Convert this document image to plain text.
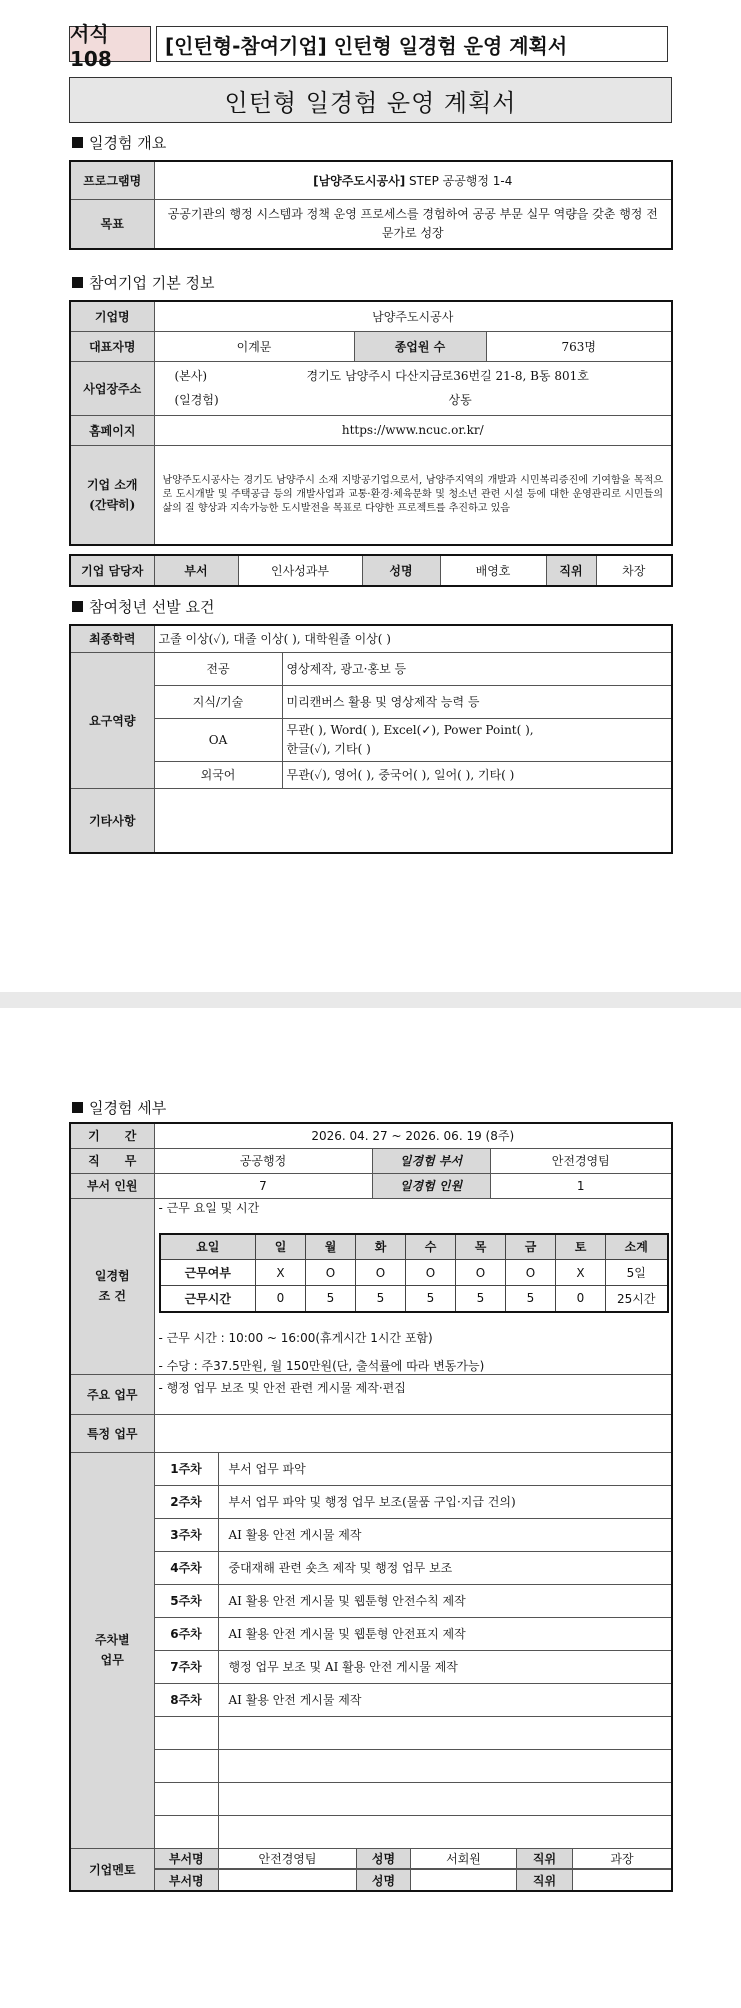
서식 108
[인턴형-참여기업] 인턴형 일경험 운영 계획서
인턴형 일경험 운영 계획서
일경험 개요
프로그램명	[남양주도시공사] STEP 공공행정 1-4
목표	공공기관의 행정 시스템과 정책 운영 프로세스를 경험하여 공공 부문 실무 역량을 갖춘 행정 전문가로 성장
참여기업 기본 정보
기업명	남양주도시공사		
대표자명	이계문	종업원 수	763명
사업장주소	(본사) 경기도 남양주시 다산지금로36번길 21-8, B동 801호
(일경험) 상동		

홈페이지	https://www.ncuc.or.kr/		
기업 소개
(간략히)	남양주도시공사는 경기도 남양주시 소재 지방공기업으로서, 남양주지역의 개발과 시민복리증진에 기여함을 목적으로 도시개발 및 주택공급 등의 개발사업과 교통·환경·체육문화 및 청소년 관련 시설 등에 대한 운영관리로 시민들의 삶의 질 향상과 지속가능한 도시발전을 목표로 다양한 프로젝트를 추진하고 있음		
기업 담당자	부서	인사성과부	성명	배영호	직위	차장
참여청년 선발 요건
최종학력	고졸 이상(✓), 대졸 이상( ), 대학원졸 이상( )	
요구역량	전공	영상제작, 광고·홍보 등
	지식/기술	미리캔버스 활용 및 영상제작 능력 등
	OA	무관( ), Word( ), Excel(✓), Power Point( ),
한글(✓), 기타( )

	외국어	무관(✓), 영어( ), 중국어( ), 일어( ), 기타( )
기타사항		
일경험 세부
기      간	2026. 04. 27 ~ 2026. 06. 19 (8주)
직      무	공공행정	일경험 부서	안전경영팀
부서 인원	7	일경험 인원	1
일경험
조 건	
- 근무 요일 및 시간
요일	일	월	화	수	목	금	토	소계
근무여부	X	O	O	O	O	O	X	5일
근무시간	0	5	5	5	5	5	0	25시간
- 근무 시간 : 10:00 ~ 16:00(휴게시간 1시간 포함)
- 수당 : 주37.5만원, 월 150만원(단, 출석률에 따라 변동가능)

주요 업무	- 행정 업무 보조 및 안전 관련 게시물 제작·편집
특정 업무	
주차별
업무	1주차	부서 업무 파악
2주차	부서 업무 파악 및 행정 업무 보조(물품 구입·지급 건의)
3주차	AI 활용 안전 게시물 제작
4주차	중대재해 관련 숏츠 제작 및 행정 업무 보조
5주차	AI 활용 안전 게시물 및 웹툰형 안전수칙 제작
6주차	AI 활용 안전 게시물 및 웹툰형 안전표지 제작
7주차	행정 업무 보조 및 AI 활용 안전 게시물 제작
8주차	AI 활용 안전 게시물 제작

기업멘토	
부서명	안전경영팀	성명	서회원	직위	과장

부서명		성명		직위	
